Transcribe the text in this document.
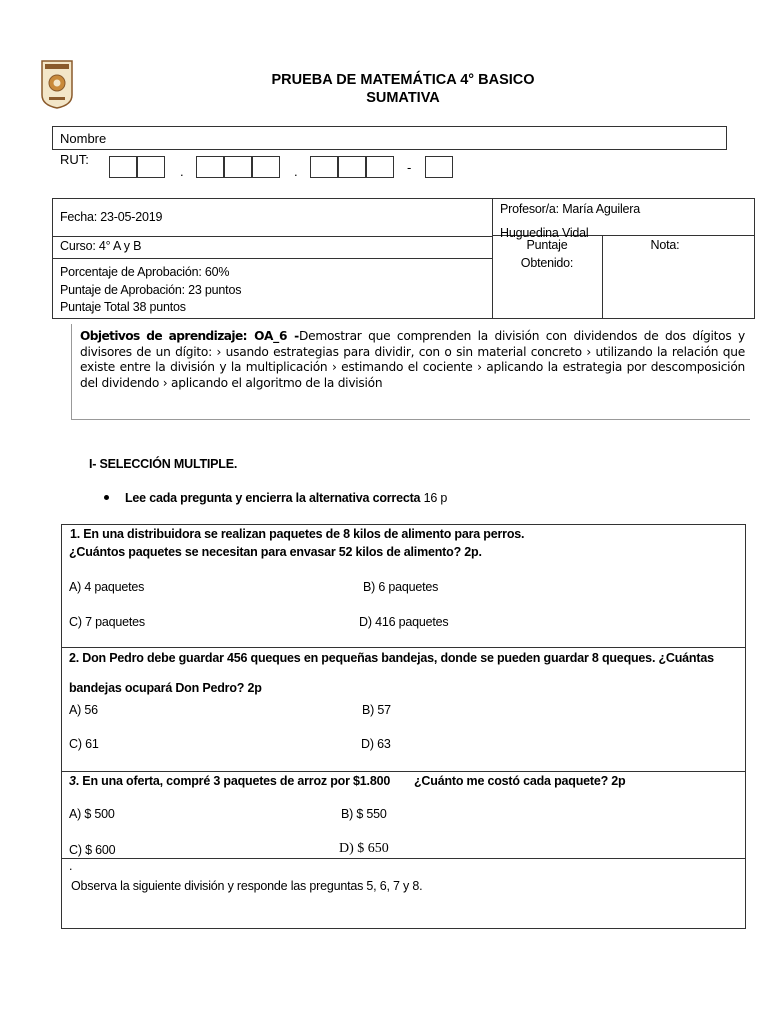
PRUEBA DE MATEMÁTICA 4° BASICO
SUMATIVA
Nombre
RUT:
.	.	-
Fecha: 23-05-2019
Curso: 4° A y B
Porcentaje de Aprobación: 60%
Puntaje de Aprobación: 23 puntos
Puntaje Total 38 puntos
Profesor/a: María Aguilera
Huguedina Vidal
Puntaje
Obtenido:
Nota:
Objetivos de aprendizaje: OA_6 -Demostrar que comprenden la división con dividendos de dos dígitos y divisores de un dígito: › usando estrategias para dividir, con o sin material concreto › utilizando la relación que existe entre la división y la multiplicación › estimando el cociente › aplicando la estrategia por descomposición del dividendo › aplicando el algoritmo de la división
I- SELECCIÓN MULTIPLE.
Lee cada pregunta y encierra la alternativa correcta 16 p
1. En una distribuidora se realizan paquetes de 8 kilos de alimento para perros.
¿Cuántos paquetes se necesitan para envasar 52 kilos de alimento? 2p.
A) 4 paquetes	B) 6 paquetes
C) 7 paquetes	D) 416 paquetes
2. Don Pedro debe guardar 456 queques en pequeñas bandejas, donde se pueden guardar 8 queques. ¿Cuántas
bandejas ocupará Don Pedro? 2p
A) 56	B) 57
C) 61	D) 63
3. En una oferta, compré 3 paquetes de arroz por $1.800 ¿Cuánto me costó cada paquete? 2p
A) $ 500	B) $ 550
C) $ 600	D) $ 650
.
Observa la siguiente división y responde las preguntas 5, 6, 7 y 8.
